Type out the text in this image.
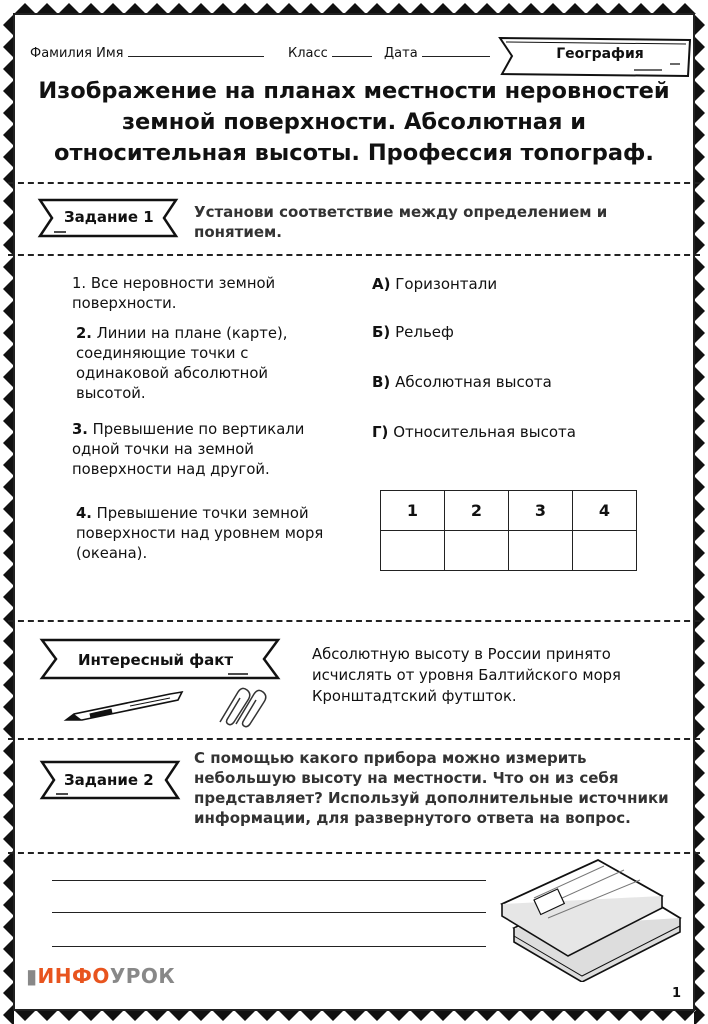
Фамилия Имя	Класс	Дата	География
Изображение на планах местности неровностей земной поверхности. Абсолютная и относительная высоты. Профессия топограф.
Задание 1	Установи соответствие между определением и понятием.
1. Все неровности земной поверхности.
2. Линии на плане (карте), соединяющие точки с одинаковой абсолютной высотой.
3. Превышение по вертикали одной точки на земной поверхности над другой.
4. Превышение точки земной поверхности над уровнем моря (океана).
А) Горизонтали
Б) Рельеф
В) Абсолютная высота
Г) Относительная высота
1	2	3	4

Интересный факт	Абсолютную высоту в России принято исчислять от уровня Балтийского моря Кронштадтский футшток.
Задание 2
С помощью какого прибора можно измерить небольшую высоту на местности. Что он из себя представляет? Используй дополнительные источники информации, для развернутого ответа на вопрос.
▮ИНФОУРОК
1
